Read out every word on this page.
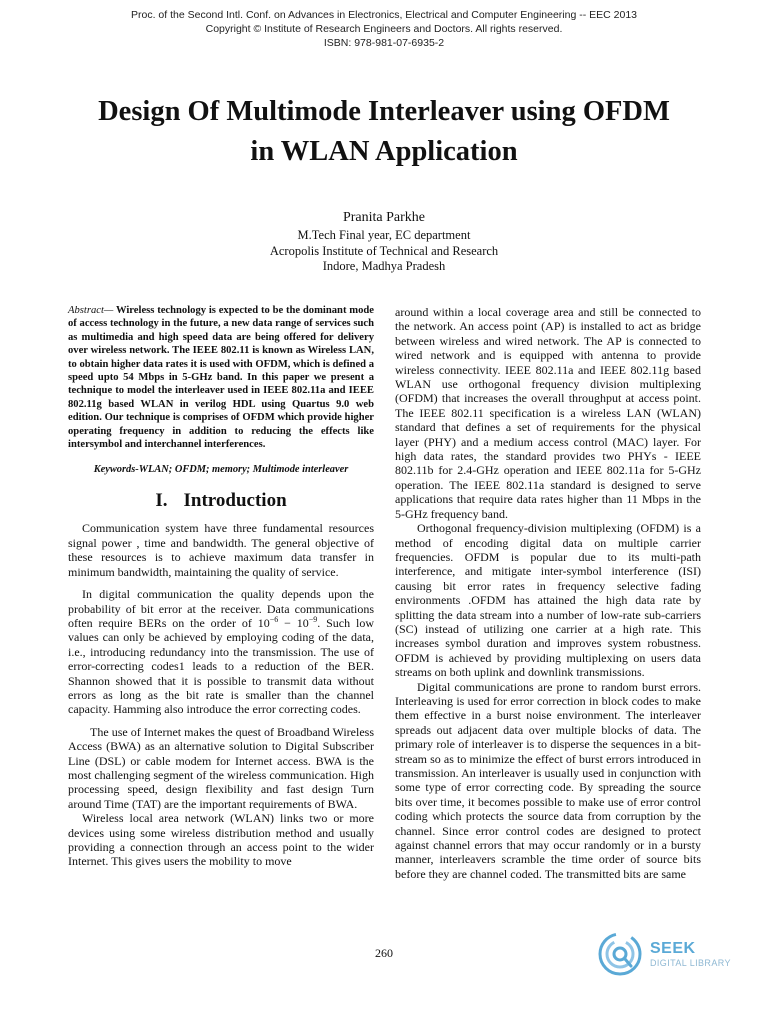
Proc. of the Second Intl. Conf. on Advances in Electronics, Electrical and Computer Engineering -- EEC 2013
Copyright © Institute of Research Engineers and Doctors. All rights reserved.
ISBN: 978-981-07-6935-2
Design Of Multimode Interleaver using OFDM
in WLAN Application
Pranita Parkhe
M.Tech Final year, EC department
Acropolis Institute of Technical and Research
Indore, Madhya Pradesh

Abstract— Wireless technology is expected to be the dominant mode of access technology in the future, a new data range of services such as multimedia and high speed data are being offered for delivery over wireless network. The IEEE 802.11 is known as Wireless LAN, to obtain higher data rates it is used with OFDM, which is defined a speed upto 54 Mbps in 5-GHz band. In this paper we present a technique to model the interleaver used in IEEE 802.11a and IEEE 802.11g based WLAN in verilog HDL using Quartus 9.0 web edition. Our technique is comprises of OFDM which provide higher operating frequency in addition to reducing the effects like intersymbol and interchannel interferences.

Keywords-WLAN; OFDM; memory; Multimode interleaver

I. Introduction

Communication system have three fundamental resources signal power , time and bandwidth. The general objective of these resources is to achieve maximum data transfer in minimum bandwidth, maintaining the quality of service.

In digital communication the quality depends upon the probability of bit error at the receiver. Data communications often require BERs on the order of $10^{-6} - 10^{-9}$. Such low values can only be achieved by employing coding of the data, i.e., introducing redundancy into the transmission. The use of error-correcting codes1 leads to a reduction of the BER. Shannon showed that it is possible to transmit data without errors as long as the bit rate is smaller than the channel capacity. Hamming also introduce the error correcting codes.

The use of Internet makes the quest of Broadband Wireless Access (BWA) as an alternative solution to Digital Subscriber Line (DSL) or cable modem for Internet access. BWA is the most challenging segment of the wireless communication. High processing speed, design flexibility and fast design Turn around Time (TAT) are the important requirements of BWA.

Wireless local area network (WLAN) links two or more devices using some wireless distribution method and usually providing a connection through an access point to the wider Internet. This gives users the mobility to move

around within a local coverage area and still be connected to the network. An access point (AP) is installed to act as bridge between wireless and wired network. The AP is connected to wired network and is equipped with antenna to provide wireless connectivity. IEEE 802.11a and IEEE 802.11g based WLAN use orthogonal frequency division multiplexing (OFDM) that increases the overall throughput at access point. The IEEE 802.11 specification is a wireless LAN (WLAN) standard that defines a set of requirements for the physical layer (PHY) and a medium access control (MAC) layer. For high data rates, the standard provides two PHYs - IEEE 802.11b for 2.4-GHz operation and IEEE 802.11a for 5-GHz operation. The IEEE 802.11a standard is designed to serve applications that require data rates higher than 11 Mbps in the 5-GHz frequency band.

Orthogonal frequency-division multiplexing (OFDM) is a method of encoding digital data on multiple carrier frequencies. OFDM is popular due to its multi-path interference, and mitigate inter-symbol interference (ISI) causing bit error rates in frequency selective fading environments .OFDM has attained the high data rate by splitting the data stream into a number of low-rate sub-carriers (SC) instead of utilizing one carrier at a high rate. This increases symbol duration and improves system robustness. OFDM is achieved by providing multiplexing on users data streams on both uplink and downlink transmissions.

Digital communications are prone to random burst errors. Interleaving is used for error correction in block codes to make them effective in a burst noise environment. The interleaver spreads out adjacent data over multiple blocks of data. The primary role of interleaver is to disperse the sequences in a bit-stream so as to minimize the effect of burst errors introduced in transmission. An interleaver is usually used in conjunction with some type of error correcting code. By spreading the source bits over time, it becomes possible to make use of error control coding which protects the source data from corruption by the channel. Since error control codes are designed to protect against channel errors that may occur randomly or in a bursty manner, interleavers scramble the time order of source bits before they are channel coded. The transmitted bits are same

260	SEEK
DIGITAL LIBRARY
